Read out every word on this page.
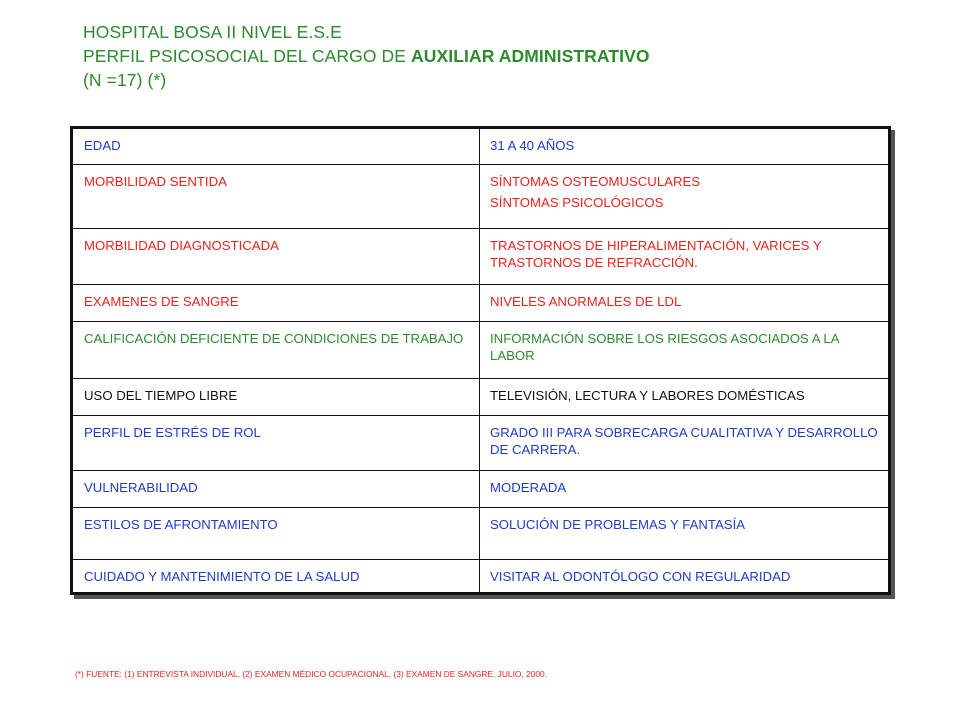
HOSPITAL BOSA II NIVEL E.S.E
PERFIL PSICOSOCIAL DEL CARGO DE AUXILIAR ADMINISTRATIVO
(N =17) (*)
EDAD	31 A 40 AÑOS
MORBILIDAD SENTIDA	SÍNTOMAS OSTEOMUSCULARES
SÍNTOMAS PSICOLÓGICOS

MORBILIDAD DIAGNOSTICADA	TRASTORNOS DE HIPERALIMENTACIÓN, VARICES Y TRASTORNOS DE REFRACCIÓN.
EXAMENES DE SANGRE	NIVELES ANORMALES DE LDL
CALIFICACIÓN DEFICIENTE DE CONDICIONES DE TRABAJO	INFORMACIÓN SOBRE LOS RIESGOS ASOCIADOS A LA LABOR
USO DEL TIEMPO LIBRE	TELEVISIÓN, LECTURA Y LABORES DOMÉSTICAS
PERFIL DE ESTRÉS DE ROL	GRADO III PARA SOBRECARGA CUALITATIVA Y DESARROLLO DE CARRERA.
VULNERABILIDAD	MODERADA
ESTILOS DE AFRONTAMIENTO	SOLUCIÓN DE PROBLEMAS Y FANTASÍA
CUIDADO Y MANTENIMIENTO DE LA SALUD	VISITAR AL ODONTÓLOGO CON REGULARIDAD
(*) FUENTE: (1) ENTREVISTA INDIVIDUAL, (2) EXAMEN MÉDICO OCUPACIONAL, (3) EXAMEN DE SANGRE. JULIO, 2000.
